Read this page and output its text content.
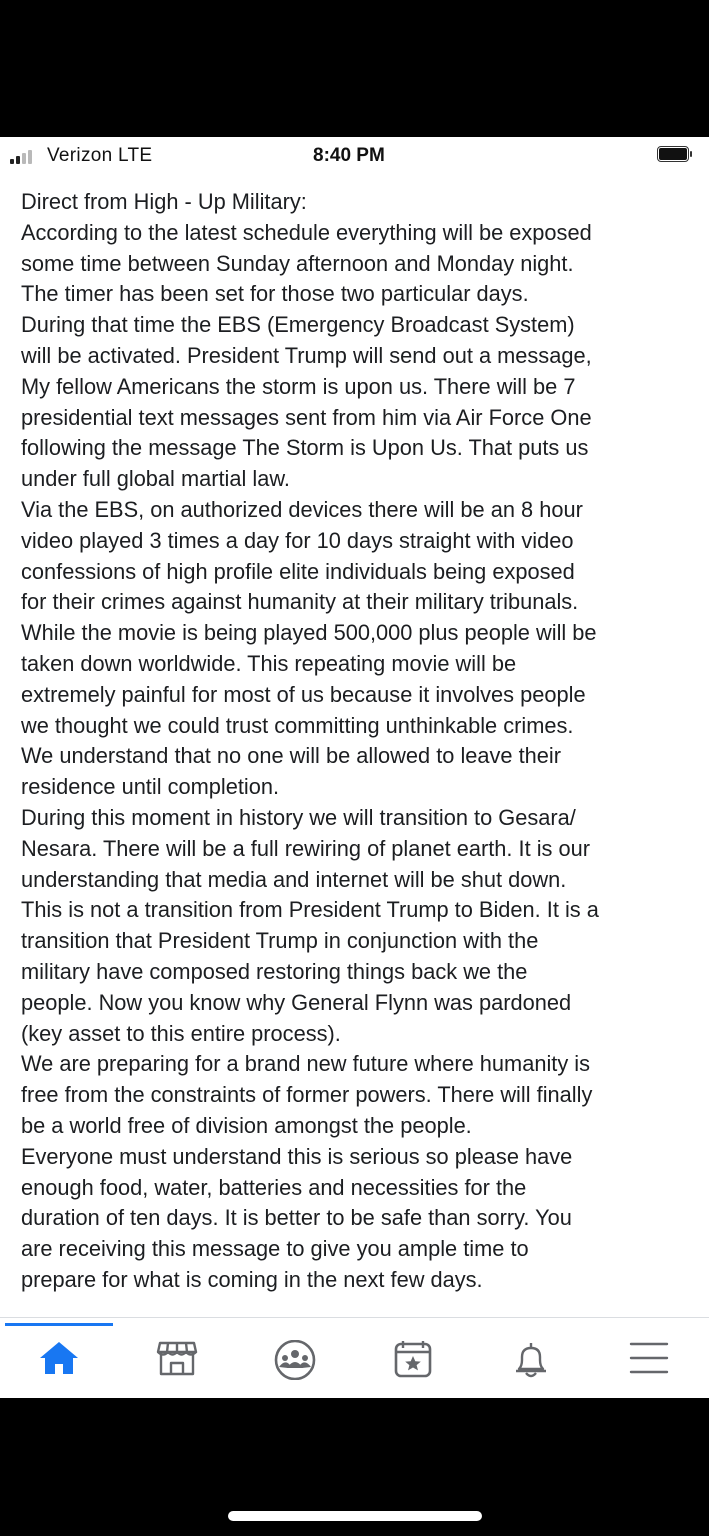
Verizon LTE	8:40 PM
Direct from High - Up Military:
According to the latest schedule everything will be exposed
some time between Sunday afternoon and Monday night.
The timer has been set for those two particular days.
During that time the EBS (Emergency Broadcast System)
will be activated. President Trump will send out a message,
My fellow Americans the storm is upon us. There will be 7
presidential text messages sent from him via Air Force One
following the message The Storm is Upon Us. That puts us
under full global martial law.
Via the EBS, on authorized devices there will be an 8 hour
video played 3 times a day for 10 days straight with video
confessions of high profile elite individuals being exposed
for their crimes against humanity at their military tribunals.
While the movie is being played 500,000 plus people will be
taken down worldwide. This repeating movie will be
extremely painful for most of us because it involves people
we thought we could trust committing unthinkable crimes.
We understand that no one will be allowed to leave their
residence until completion.
During this moment in history we will transition to Gesara/
Nesara. There will be a full rewiring of planet earth. It is our
understanding that media and internet will be shut down.
This is not a transition from President Trump to Biden. It is a
transition that President Trump in conjunction with the
military have composed restoring things back we the
people. Now you know why General Flynn was pardoned
(key asset to this entire process).
We are preparing for a brand new future where humanity is
free from the constraints of former powers. There will finally
be a world free of division amongst the people.
Everyone must understand this is serious so please have
enough food, water, batteries and necessities for the
duration of ten days. It is better to be safe than sorry. You
are receiving this message to give you ample time to
prepare for what is coming in the next few days.
